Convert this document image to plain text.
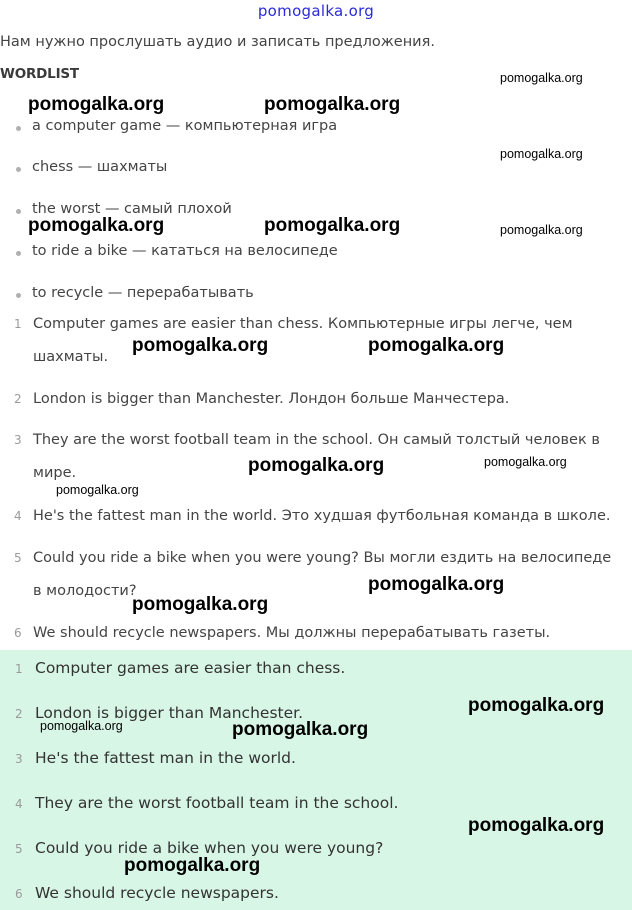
pomogalka.org
Нам нужно прослушать аудио и записать предложения.
WORDLIST
a computer game — компьютерная игра
chess — шахматы
the worst — самый плохой
to ride a bike — кататься на велосипеде
to recycle — перерабатывать
1 Computer games are easier than chess. Компьютерные игры легче, чем
шахматы.
2 London is bigger than Manchester. Лондон больше Манчестера.
3 They are the worst football team in the school. Он самый толстый человек в
мире.
4 He's the fattest man in the world. Это худшая футбольная команда в школе.
5 Could you ride a bike when you were young? Вы могли ездить на велосипеде
в молодости?
6 We should recycle newspapers. Мы должны перерабатывать газеты.
1 Computer games are easier than chess.
2 London is bigger than Manchester.
3 He's the fattest man in the world.
4 They are the worst football team in the school.
5 Could you ride a bike when you were young?
6 We should recycle newspapers.
pomogalka.org
pomogalka.org	pomogalka.org
pomogalka.org
pomogalka.org	pomogalka.org	pomogalka.org
pomogalka.org	pomogalka.org
pomogalka.org	pomogalka.org
pomogalka.org
pomogalka.org
pomogalka.org
pomogalka.org
pomogalka.org	pomogalka.org
pomogalka.org
pomogalka.org
